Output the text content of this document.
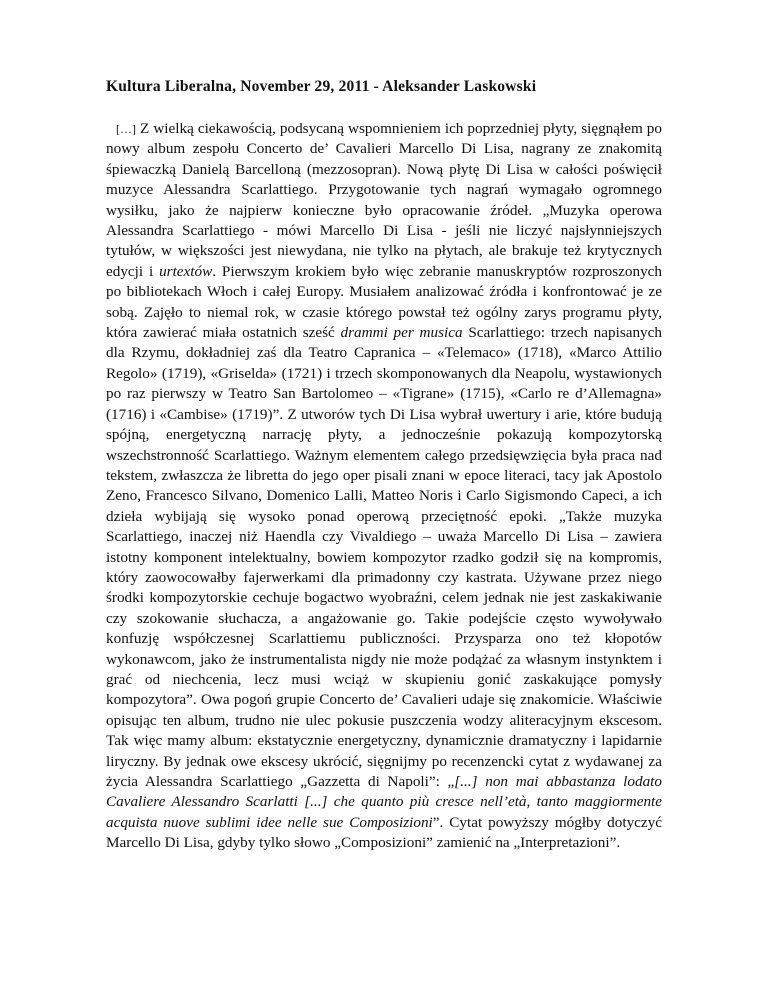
Kultura Liberalna, November 29, 2011 - Aleksander Laskowski

[…] Z wielką ciekawością, podsycaną wspomnieniem ich poprzedniej płyty, sięgnąłem po nowy album zespołu Concerto de’ Cavalieri Marcello Di Lisa, nagrany ze znakomitą śpiewaczką Danielą Barcelloną (mezzosopran). Nową płytę Di Lisa w całości poświęcił muzyce Alessandra Scarlattiego. Przygotowanie tych nagrań wymagało ogromnego wysiłku, jako że najpierw konieczne było opracowanie źródeł. „Muzyka operowa Alessandra Scarlattiego - mówi Marcello Di Lisa - jeśli nie liczyć najsłynniejszych tytułów, w większości jest niewydana, nie tylko na płytach, ale brakuje też krytycznych edycji i urtextów. Pierwszym krokiem było więc zebranie manuskryptów rozproszonych po bibliotekach Włoch i całej Europy. Musiałem analizować źródła i konfrontować je ze sobą. Zajęło to niemal rok, w czasie którego powstał też ogólny zarys programu płyty, która zawierać miała ostatnich sześć drammi per musica Scarlattiego: trzech napisanych dla Rzymu, dokładniej zaś dla Teatro Capranica – «Telemaco» (1718), «Marco Attilio Regolo» (1719), «Griselda» (1721) i trzech skomponowanych dla Neapolu, wystawionych po raz pierwszy w Teatro San Bartolomeo – «Tigrane» (1715), «Carlo re d’Allemagna» (1716) i «Cambise» (1719)”. Z utworów tych Di Lisa wybrał uwertury i arie, które budują spójną, energetyczną narrację płyty, a jednocześnie pokazują kompozytorską wszechstronność Scarlattiego. Ważnym elementem całego przedsięwzięcia była praca nad tekstem, zwłaszcza że libretta do jego oper pisali znani w epoce literaci, tacy jak Apostolo Zeno, Francesco Silvano, Domenico Lalli, Matteo Noris i Carlo Sigismondo Capeci, a ich dzieła wybijają się wysoko ponad operową przeciętność epoki. „Także muzyka Scarlattiego, inaczej niż Haendla czy Vivaldiego – uważa Marcello Di Lisa – zawiera istotny komponent intelektualny, bowiem kompozytor rzadko godził się na kompromis, który zaowocowałby fajerwerkami dla primadonny czy kastrata. Używane przez niego środki kompozytorskie cechuje bogactwo wyobraźni, celem jednak nie jest zaskakiwanie czy szokowanie słuchacza, a angażowanie go. Takie podejście często wywoływało konfuzję współczesnej Scarlattiemu publiczności. Przysparza ono też kłopotów wykonawcom, jako że instrumentalista nigdy nie może podążać za własnym instynktem i grać od niechcenia, lecz musi wciąż w skupieniu gonić zaskakujące pomysły kompozytora”. Owa pogoń grupie Concerto de’ Cavalieri udaje się znakomicie. Właściwie opisując ten album, trudno nie ulec pokusie puszczenia wodzy aliteracyjnym ekscesom. Tak więc mamy album: ekstatycznie energetyczny, dynamicznie dramatyczny i lapidarnie liryczny. By jednak owe ekscesy ukrócić, sięgnijmy po recenzencki cytat z wydawanej za życia Alessandra Scarlattiego „Gazzetta di Napoli”: „[...] non mai abbastanza lodato Cavaliere Alessandro Scarlatti [...] che quanto più cresce nell’età, tanto maggiormente acquista nuove sublimi idee nelle sue Composizioni”. Cytat powyższy mógłby dotyczyć Marcello Di Lisa, gdyby tylko słowo „Composizioni” zamienić na „Interpretazioni”.
